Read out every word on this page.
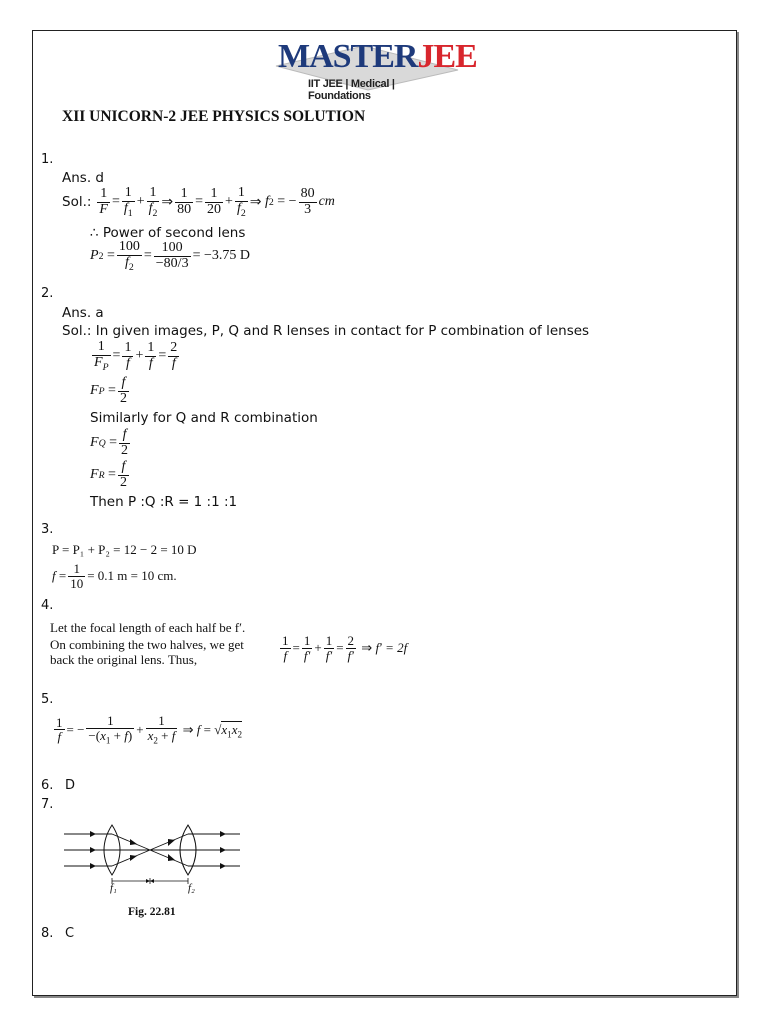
MASTERJEE
IIT JEE | Medical | Foundations
XII UNICORN-2 JEE PHYSICS SOLUTION
1.
Ans. d
Sol.: $\frac{1}{F} = \frac{1}{f_1} + \frac{1}{f_2}$ ⇒ $\frac{1}{80} = \frac{1}{20} + \frac{1}{f_2}$ ⇒ f 2 = − $\frac{80}{3}$ cm
∴ Power of second lens
P $2 = \frac{100}{f_2} = \frac{100}{-80/3} = -3.75$ D
2.
Ans. a
Sol.: In given images, P, Q and R lenses in contact for P combination of lenses
$\frac{1}{F_P} = \frac{1}{f} + \frac{1}{f} = \frac{2}{f}$
F $P = \frac{f}{2}$
Similarly for Q and R combination
F $Q = \frac{f}{2}$
F $R = \frac{f}{2}$
Then P :Q :R = 1 :1 :1
3.
P = P₁ + P₂ = 12 − 2 = 10 D
$f = \frac{1}{10} = 0.1$ m = 10 cm.
4.
Let the focal length of each half be f′.
On combining the two halves, we get
back the original lens. Thus,	$\frac{1}{f} = \frac{1}{f'} + \frac{1}{f'} = \frac{2}{f'}$ ⇒ f′ = 2f
5.
$\frac{1}{f}$ = − $\frac{1}{-(x_1 + f)} + \frac{1}{x_2 + f}$ ⇒ f = √ $x_1x_2$
6. D
7.
f₁	f₂
Fig. 22.81
8. C
